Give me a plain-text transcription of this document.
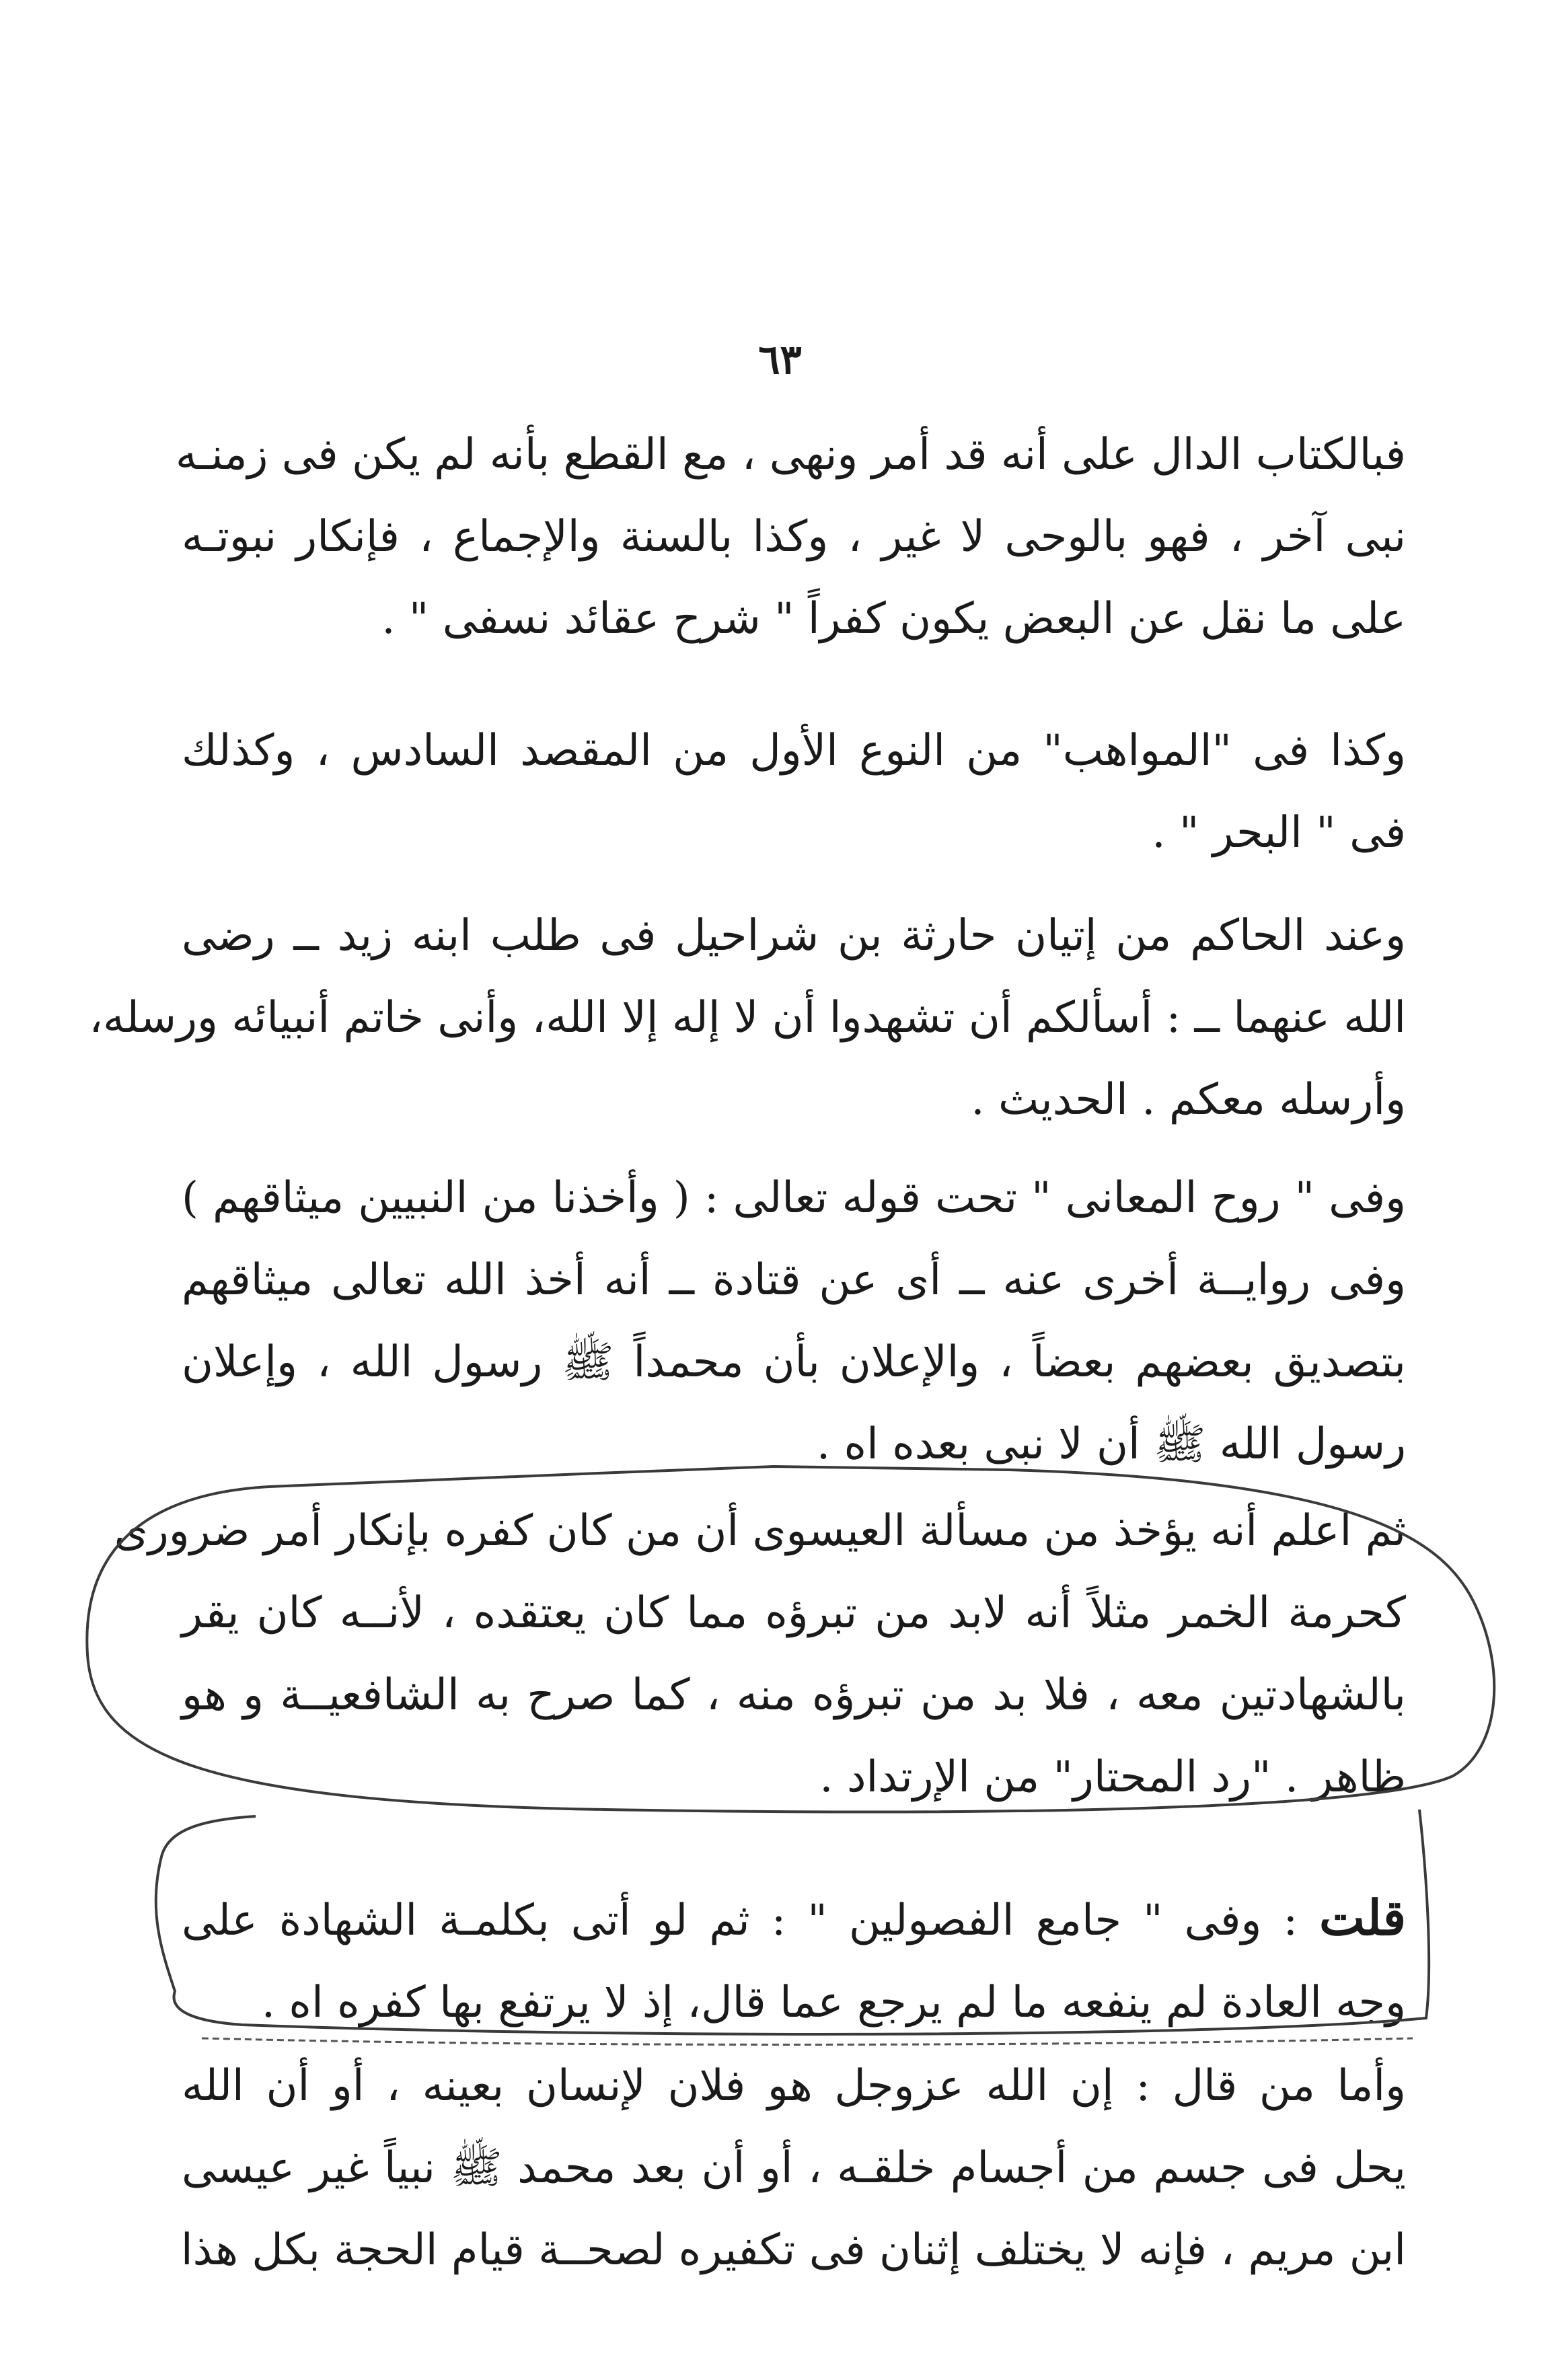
٦٣
فبالكتاب الدال على أنه قد أمر ونهى ، مع القطع بأنه لم يكن فى زمنـه
نبى آخر ، فهو بالوحى لا غير ، وكذا بالسنة والإجماع ، فإنكار نبوتـه
على ما نقل عن البعض يكون كفراً " شرح عقائد نسفى " .
وكذا فى "المواهب" من النوع الأول من المقصد السادس ، وكذلك
فى " البحر " .
وعند الحاكم من إتيان حارثة بن شراحيل فى طلب ابنه زيد ــ رضى
الله عنهما ــ : أسألكم أن تشهدوا أن لا إله إلا الله، وأنى خاتم أنبيائه ورسله،
وأرسله معكم . الحديث .
وفى " روح المعانى " تحت قوله تعالى : ( وأخذنا من النبيين ميثاقهم )
وفى روايــة أخرى عنه ــ أى عن قتادة ــ أنه أخذ الله تعالى ميثاقهم
بتصديق بعضهم بعضاً ، والإعلان بأن محمداً ﷺ رسول الله ، وإعلان
رسول الله ﷺ أن لا نبى بعده اه .
ثم اعلم أنه يؤخذ من مسألة العيسوى أن من كان كفره بإنكار أمر ضرورى
كحرمة الخمر مثلاً أنه لابد من تبرؤه مما كان يعتقده ، لأنــه كان يقر
بالشهادتين معه ، فلا بد من تبرؤه منه ، كما صرح به الشافعيــة و هو
ظاهر . "رد المحتار" من الإرتداد .
قلت : وفى " جامع الفصولين " : ثم لو أتى بكلمـة الشهادة على
وجه العادة لم ينفعه ما لم يرجع عما قال، إذ لا يرتفع بها كفره اه .
وأما من قال : إن الله عزوجل هو فلان لإنسان بعينه ، أو أن الله
يحل فى جسم من أجسام خلقـه ، أو أن بعد محمد ﷺ نبياً غير عيسى
ابن مريم ، فإنه لا يختلف إثنان فى تكفيره لصحــة قيام الحجة بكل هذا
